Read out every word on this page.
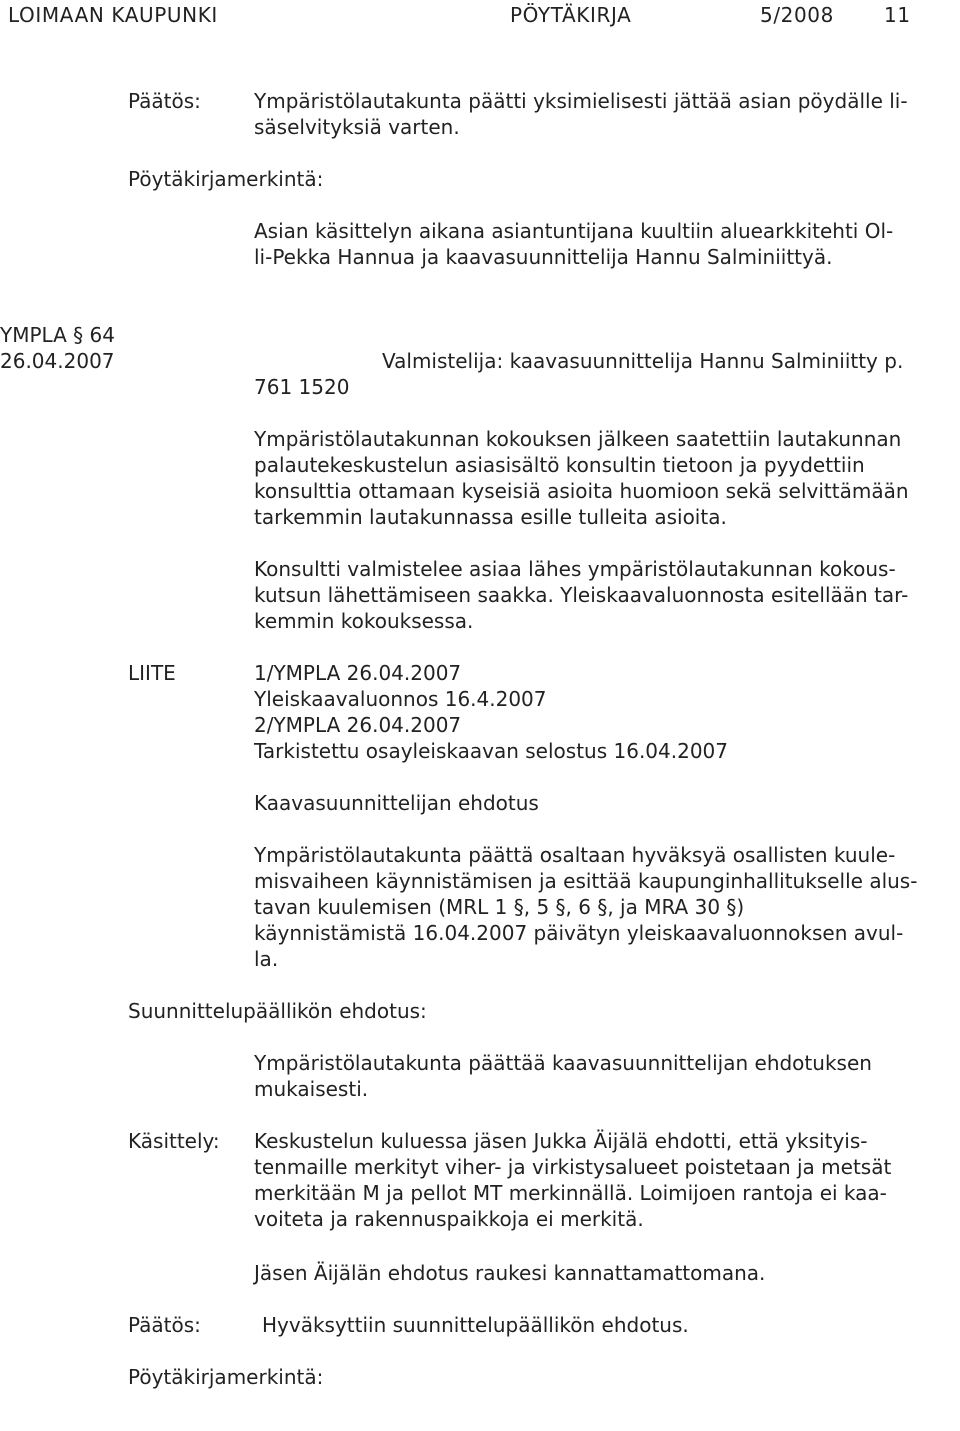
LOIMAAN KAUPUNKI	PÖYTÄKIRJA	5/2008	11
Päätös:	Ympäristölautakunta päätti yksimielisesti jättää asian pöydälle li-
säselvityksiä varten.
Pöytäkirjamerkintä:
Asian käsittelyn aikana asiantuntijana kuultiin aluearkkitehti Ol-
li-Pekka Hannua ja kaavasuunnittelija Hannu Salminiittyä.
YMPLA § 64
26.04.2007	Valmistelija: kaavasuunnittelija Hannu Salminiitty p.
761 1520
Ympäristölautakunnan kokouksen jälkeen saatettiin lautakunnan
palautekeskustelun asiasisältö konsultin tietoon ja pyydettiin
konsulttia ottamaan kyseisiä asioita huomioon sekä selvittämään
tarkemmin lautakunnassa esille tulleita asioita.
Konsultti valmistelee asiaa lähes ympäristölautakunnan kokous-
kutsun lähettämiseen saakka. Yleiskaavaluonnosta esitellään tar-
kemmin kokouksessa.
LIITE	1/YMPLA 26.04.2007
Yleiskaavaluonnos 16.4.2007
2/YMPLA 26.04.2007
Tarkistettu osayleiskaavan selostus 16.04.2007
Kaavasuunnittelijan ehdotus
Ympäristölautakunta päättä osaltaan hyväksyä osallisten kuule-
misvaiheen käynnistämisen ja esittää kaupunginhallitukselle alus-
tavan kuulemisen (MRL 1 §, 5 §, 6 §, ja MRA 30 §)
käynnistämistä 16.04.2007 päivätyn yleiskaavaluonnoksen avul-
la.
Suunnittelupäällikön ehdotus:
Ympäristölautakunta päättää kaavasuunnittelijan ehdotuksen
mukaisesti.
Käsittely: Keskustelun kuluessa jäsen Jukka Äijälä ehdotti, että yksityis-
tenmaille merkityt viher- ja virkistysalueet poistetaan ja metsät
merkitään M ja pellot MT merkinnällä. Loimijoen rantoja ei kaa-
voiteta ja rakennuspaikkoja ei merkitä.
Jäsen Äijälän ehdotus raukesi kannattamattomana.
Päätös:	Hyväksyttiin suunnittelupäällikön ehdotus.
Pöytäkirjamerkintä:
